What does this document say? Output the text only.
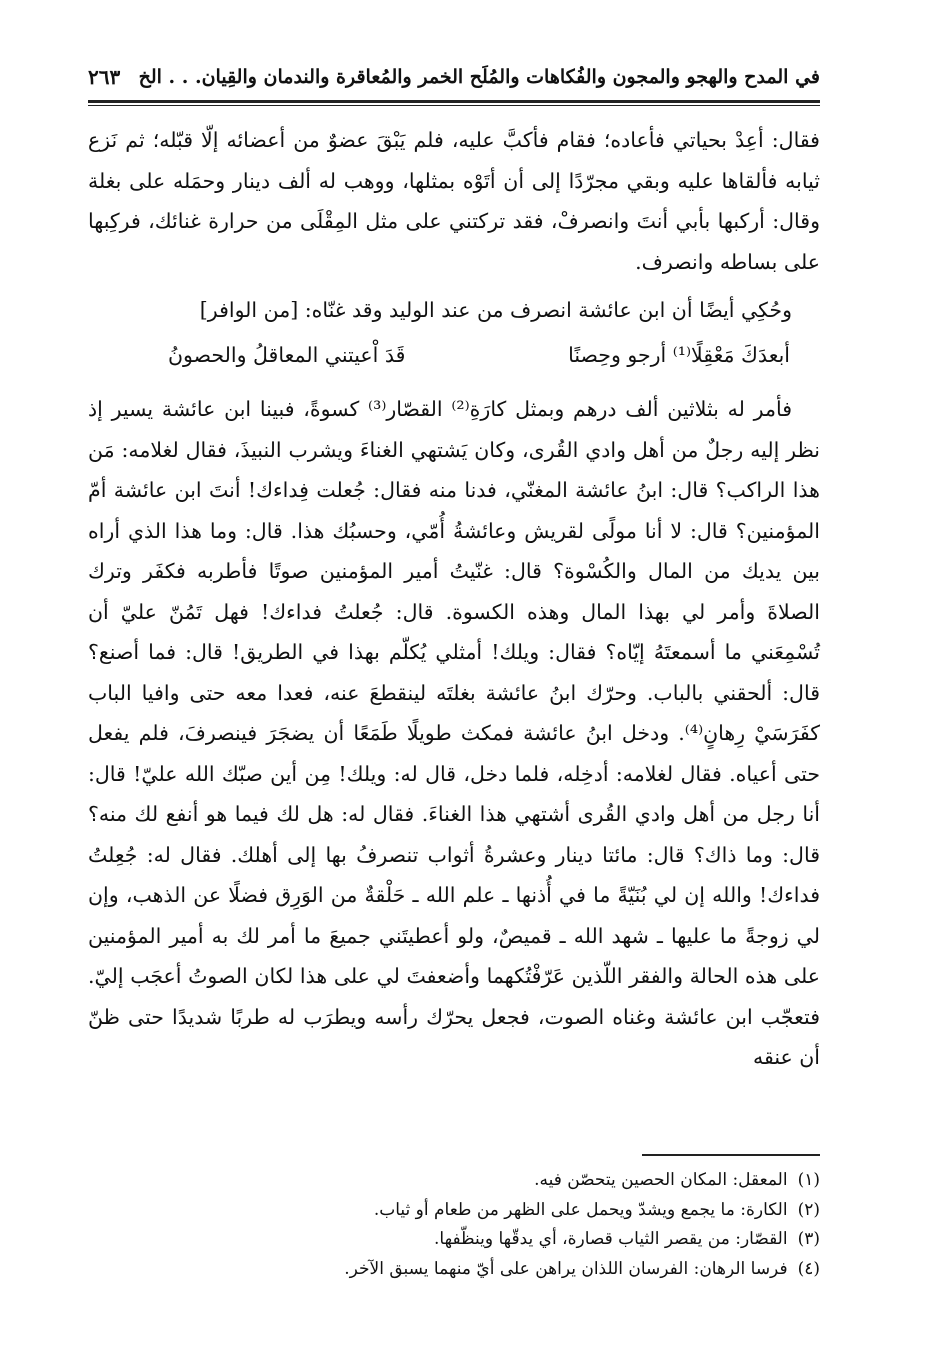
في المدح والهجو والمجون والفُكاهات والمُلَح الخمر والمُعاقرة والندمان والقِيان. . . الخ
٢٦٣

فقال: أعِدْ بحياتي فأعاده؛ فقام فأكبَّ عليه، فلم يَبْقَ عضوٌ من أعضائه إلّا قبّله؛ ثم نَزع ثيابه فألقاها عليه وبقي مجرّدًا إلى أن أتَوْه بمثلها، ووهب له ألف دينار وحمَله على بغلة وقال: أركبها بأبي أنتَ وانصرفْ، فقد تركتني على مثل المِقْلَى من حرارة غنائك، فركِبها على بساطه وانصرف.

وحُكِي أيضًا أن ابن عائشة انصرف من عند الوليد وقد غنّاه: [من الوافر]

أبعدَكَ مَعْقِلًا⁽¹⁾ أرجو وحِصنًا
قَدَ اْعيتني المعاقلُ والحصونُ

فأمر له بثلاثين ألف درهم وبمثل كارَةِ⁽²⁾ القصّار⁽³⁾ كسوةً، فبينا ابن عائشة يسير إذ نظر إليه رجلٌ من أهل وادي القُرى، وكان يَشتهي الغناءَ ويشرب النبيذَ، فقال لغلامه: مَن هذا الراكب؟ قال: ابنُ عائشة المغنّي، فدنا منه فقال: جُعلت فِداءك! أنتَ ابن عائشة أمّ المؤمنين؟ قال: لا أنا مولًى لقريش وعائشةُ أُمّي، وحسبُك هذا. قال: وما هذا الذي أراه بين يديك من المال والكُسْوة؟ قال: غنّيتُ أمير المؤمنين صوتًا فأطربه فكفَر وترك الصلاةَ وأمر لي بهذا المال وهذه الكسوة. قال: جُعلتُ فداءك! فهل تَمُنّ عليّ أن تُسْمِعَني ما أسمعتَهُ إيّاه؟ فقال: ويلك! أمثلي يُكلّم بهذا في الطريق! قال: فما أصنع؟ قال: ألحقني بالباب. وحرّك ابنُ عائشة بغلتَه لينقطعَ عنه، فعدا معه حتى وافيا الباب كفَرَسَيْ رِهانٍ⁽⁴⁾. ودخل ابنُ عائشة فمكث طويلًا طَمَعًا أن يضجَرَ فينصرفَ، فلم يفعل حتى أعياه. فقال لغلامه: أدخِله، فلما دخل، قال له: ويلك! مِن أين صبّك الله عليّ! قال: أنا رجل من أهل وادي القُرى أشتهي هذا الغناءَ. فقال له: هل لك فيما هو أنفع لك منه؟ قال: وما ذاك؟ قال: مائتا دينار وعشرةُ أثواب تنصرفُ بها إلى أهلك. فقال له: جُعِلتُ فداءك! والله إن لي بُنَيّةً ما في أُذنها ـ علم الله ـ حَلْقةٌ من الوَرِق فضلًا عن الذهب، وإن لي زوجةً ما عليها ـ شهد الله ـ قميصٌ، ولو أعطيتَني جميعَ ما أمر لك به أمير المؤمنين على هذه الحالة والفقر اللّذين عَرّفْتُكهما وأضعفتَ لي على هذا لكان الصوتُ أعجَب إليّ. فتعجّب ابن عائشة وغناه الصوت، فجعل يحرّك رأسه ويطرَب له طربًا شديدًا حتى ظنّ أن عنقه

(١)
المعقل: المكان الحصين يتحصّن فيه.

(٢)
الكارة: ما يجمع ويشدّ ويحمل على الظهر من طعام أو ثياب.

(٣)
القصّار: من يقصر الثياب قصارة، أي يدقّها وينظّفها.

(٤)
فرسا الرهان: الفرسان اللذان يراهن على أيّ منهما يسبق الآخر.
